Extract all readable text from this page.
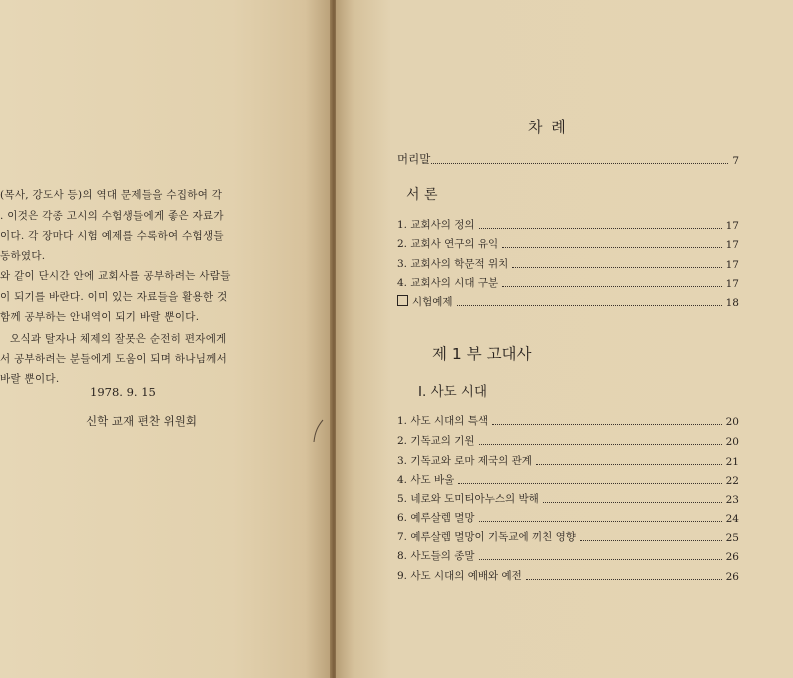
(목사, 강도사 등)의 역대 문제들을 수집하여 각
. 이것은 각종 고시의 수험생들에게 좋은 자료가
이다. 각 장마다 시험 예제를 수록하여 수험생들
동하였다.
와 같이 단시간 안에 교회사를 공부하려는 사람들
이 되기를 바란다. 이미 있는 자료들을 활용한 것
함께 공부하는 안내역이 되기 바랄 뿐이다.
오식과 탈자나 체제의 잘못은 순전히 편자에게
서 공부하려는 분들에게 도움이 되며 하나님께서
바랄 뿐이다.
1978. 9. 15
신학 교재 편찬 위원회
차 례
머리말	7
서 론
1. 교회사의 정의	17
2. 교회사 연구의 유익	17
3. 교회사의 학문적 위치	17
4. 교회사의 시대 구분	17
시험예제	18
제 1 부 고대사
I. 사도 시대
1. 사도 시대의 특색	20
2. 기독교의 기원	20
3. 기독교와 로마 제국의 관계	21
4. 사도 바울	22
5. 네로와 도미티아누스의 박해	23
6. 예루살렘 멸망	24
7. 예루살렘 멸망이 기독교에 끼친 영향	25
8. 사도들의 종말	26
9. 사도 시대의 예배와 예전	26
